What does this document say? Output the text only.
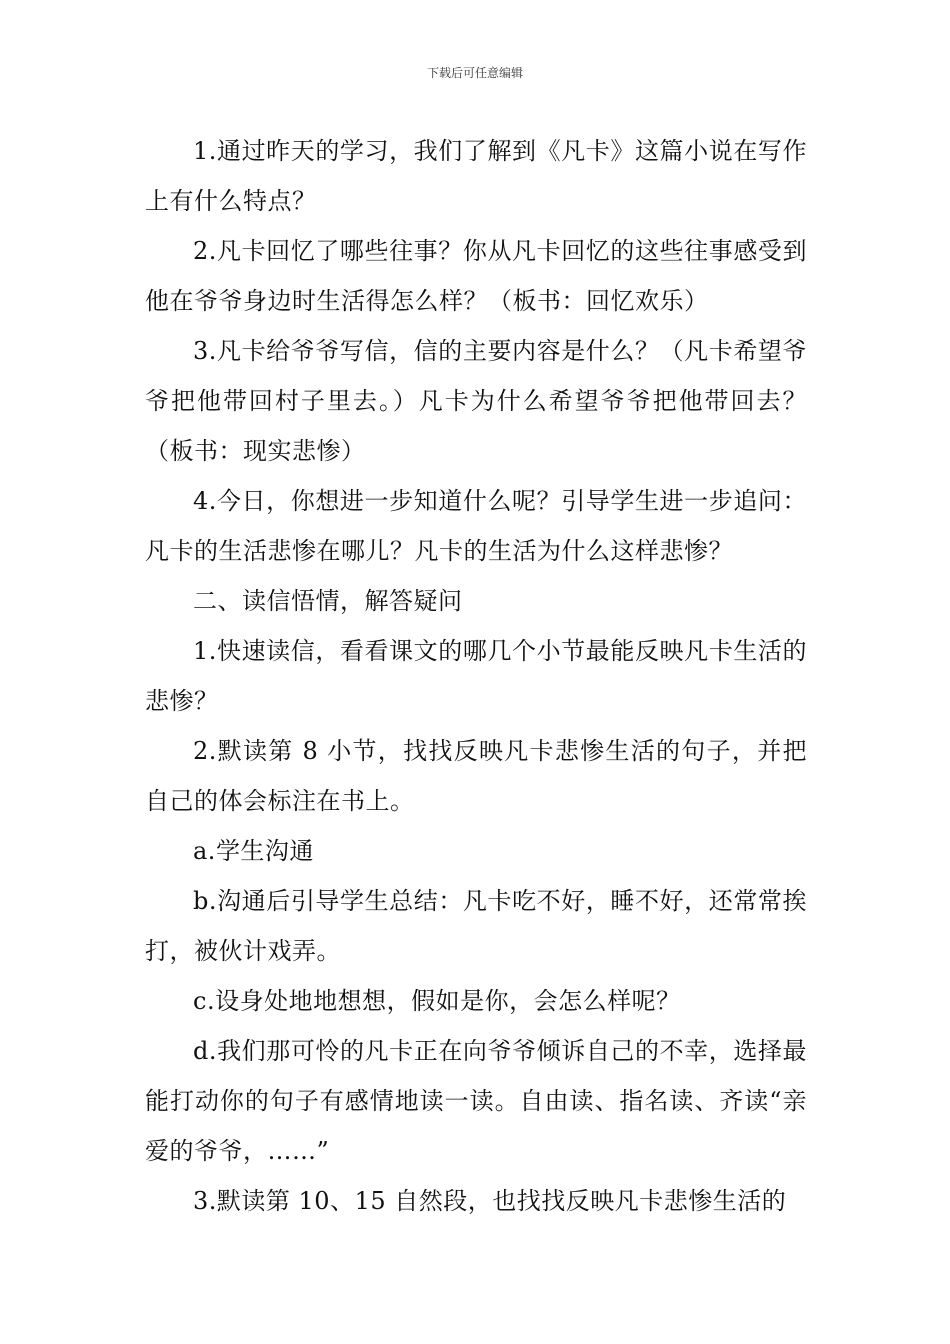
下载后可任意编辑

1.通过昨天的学习，我们了解到《凡卡》这篇小说在写作上有什么特点？

2.凡卡回忆了哪些往事？你从凡卡回忆的这些往事感受到他在爷爷身边时生活得怎么样？（板书：回忆欢乐）

3.凡卡给爷爷写信，信的主要内容是什么？（凡卡希望爷爷把他带回村子里去。）凡卡为什么希望爷爷把他带回去？（板书：现实悲惨）

4.今日，你想进一步知道什么呢？引导学生进一步追问：凡卡的生活悲惨在哪儿？凡卡的生活为什么这样悲惨？

二、读信悟情，解答疑问

1.快速读信，看看课文的哪几个小节最能反映凡卡生活的悲惨？

2.默读第 8 小节，找找反映凡卡悲惨生活的句子，并把自己的体会标注在书上。

a.学生沟通

b.沟通后引导学生总结：凡卡吃不好，睡不好，还常常挨打，被伙计戏弄。

c.设身处地地想想，假如是你，会怎么样呢？

d.我们那可怜的凡卡正在向爷爷倾诉自己的不幸，选择最能打动你的句子有感情地读一读。自由读、指名读、齐读“亲爱的爷爷，……”

3.默读第 10、15 自然段，也找找反映凡卡悲惨生活的
